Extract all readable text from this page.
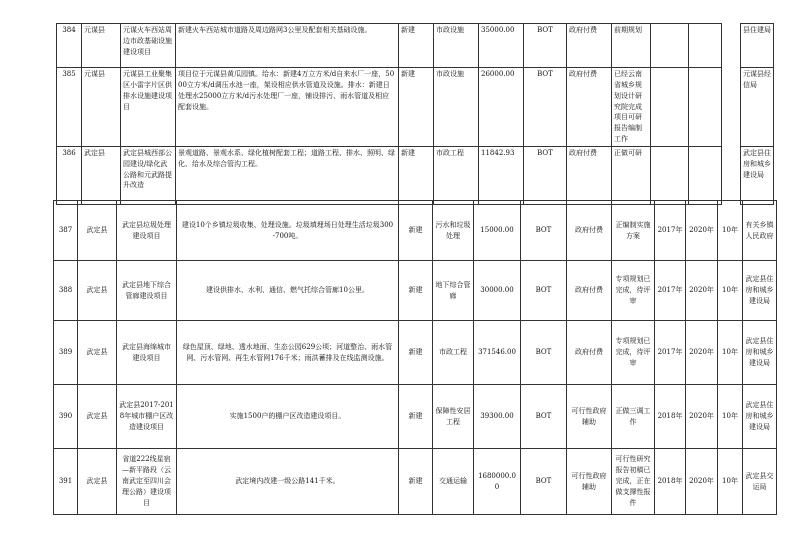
384	元谋县	元谋火车西站周边市政基础设施建设项目	新建火车西站城市道路及周边路网3公里及配套相关基础设施。	新建	市政设施	35000.00	BOT	政府付费	前期规划				县住建局
385	元谋县	元谋县工业聚集区小雷字片区供排水设施建设项目	项目位于元谋县黄瓜园镇。给水：新建4万立方米/d自来水厂一座，5000立方米/d调压水池一座，架设相应供水管道及设施。排水：新建日处理水25000立方米/d污水处理厂一座，铺设排污、雨水管道及相应配套设施。	新建	市政设施	26000.00	BOT	政府付费	已经云南省城乡规划设计研究院完成项目可研报告编制工作				元谋县经信局
386	武定县	武定县城西部公园建设/绿化武公路和元武路提升改造	景观道路、景观水系、绿化植树配套工程；道路工程、排水、照明、绿化、给水及综合管沟工程。	新建	市政工程	11842.93	BOT	政府付费	正做可研				武定县住房和城乡建设局
387	武定县	武定县垃圾处理建设项目	建设10个乡镇垃圾收集、处理设施。垃圾填埋场日处理生活垃圾300-700吨。	新建	污水和垃圾处理	15000.00	BOT	政府付费	正编制实施方案	2017年	2020年	10年	有关乡镇人民政府
388	武定县	武定县地下综合管廊建设项目	建设供排水、水利、通信、燃气托综合管廊10公里。	新建	地下综合管廊	30000.00	BOT	政府付费	专项规划已完成，待评审	2017年	2020年	10年	武定县住房和城乡建设局
389	武定县	武定县海绵城市建设项目	绿色屋顶、绿地、透水地面、生态公园629公顷；河道整治、雨水管网、污水管网、再生水管网176千米；雨洪蓄排及在线监测设施。	新建	市政工程	371546.00	BOT	政府付费	专项规划已完成，待评审	2017年	2020年	10年	武定县住房和城乡建设局
390	武定县	武定县2017-2018年城市棚户区改造建设项目	实施1500户的棚户区改造建设项目。	新建	保障性安居工程	39300.00	BOT	可行性政府辅助	正做三调工作	2018年	2020年	10年	武定县住房和城乡建设局
391	武定县	省道222线星宿—新平路段（云南武定至四川会理公路）建设项目	武定境内改建一级公路141千米。	新建	交通运输	1680000.00	BOT	可行性政府辅助	可行性研究报告初稿已完成，正在做支撑性报件	2018年	2020年	10年	武定县交运局
